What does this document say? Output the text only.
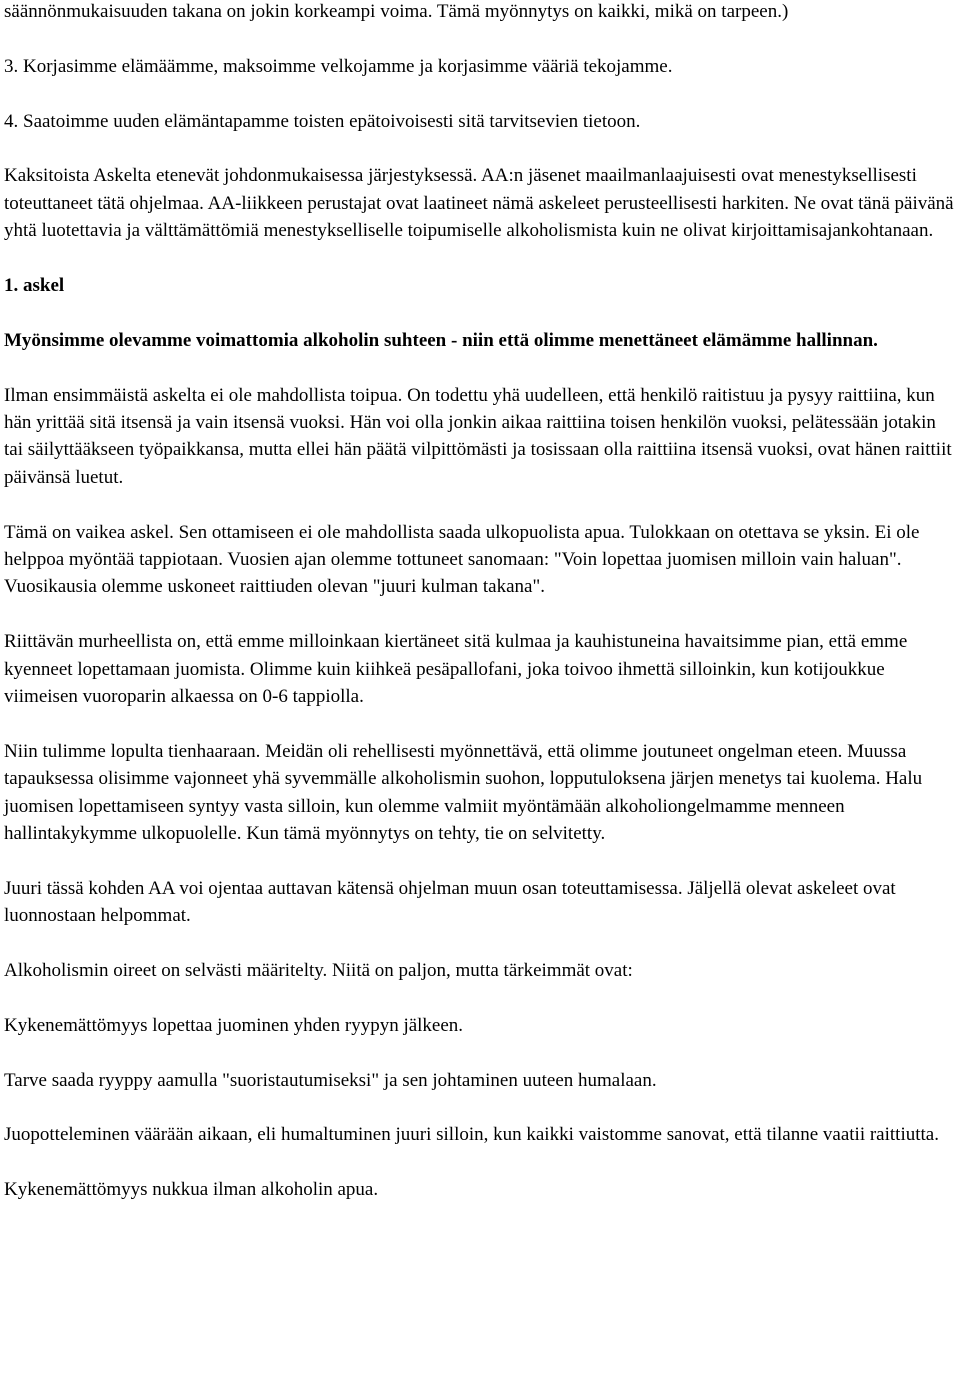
säännönmukaisuuden takana on jokin korkeampi voima. Tämä myönnytys on kaikki, mikä on tarpeen.)

3. Korjasimme elämäämme, maksoimme velkojamme ja korjasimme vääriä tekojamme.
4. Saatoimme uuden elämäntapamme toisten epätoivoisesti sitä tarvitsevien tietoon.

Kaksitoista Askelta etenevät johdonmukaisessa järjestyksessä. AA:n jäsenet maailmanlaajuisesti ovat menestyksellisesti toteuttaneet tätä ohjelmaa. AA-liikkeen perustajat ovat laatineet nämä askeleet perusteellisesti harkiten. Ne ovat tänä päivänä yhtä luotettavia ja välttämättömiä menestykselliselle toipumiselle alkoholismista kuin ne olivat kirjoittamisajankohtanaan.

1. askel
Myönsimme olevamme voimattomia alkoholin suhteen - niin että olimme menettäneet elämämme hallinnan.

Ilman ensimmäistä askelta ei ole mahdollista toipua. On todettu yhä uudelleen, että henkilö raitistuu ja pysyy raittiina, kun hän yrittää sitä itsensä ja vain itsensä vuoksi. Hän voi olla jonkin aikaa raittiina toisen henkilön vuoksi, pelätessään jotakin tai säilyttääkseen työpaikkansa, mutta ellei hän päätä vilpittömästi ja tosissaan olla raittiina itsensä vuoksi, ovat hänen raittiit päivänsä luetut.

Tämä on vaikea askel. Sen ottamiseen ei ole mahdollista saada ulkopuolista apua. Tulokkaan on otettava se yksin. Ei ole helppoa myöntää tappiotaan. Vuosien ajan olemme tottuneet sanomaan: "Voin lopettaa juomisen milloin vain haluan". Vuosikausia olemme uskoneet raittiuden olevan "juuri kulman takana".

Riittävän murheellista on, että emme milloinkaan kiertäneet sitä kulmaa ja kauhistuneina havaitsimme pian, että emme kyenneet lopettamaan juomista. Olimme kuin kiihkeä pesäpallofani, joka toivoo ihmettä silloinkin, kun kotijoukkue viimeisen vuoroparin alkaessa on 0-6 tappiolla.

Niin tulimme lopulta tienhaaraan. Meidän oli rehellisesti myönnettävä, että olimme joutuneet ongelman eteen. Muussa tapauksessa olisimme vajonneet yhä syvemmälle alkoholismin suohon, lopputuloksena järjen menetys tai kuolema. Halu juomisen lopettamiseen syntyy vasta silloin, kun olemme valmiit myöntämään alkoholiongelmamme menneen hallintakykymme ulkopuolelle. Kun tämä myönnytys on tehty, tie on selvitetty.

Juuri tässä kohden AA voi ojentaa auttavan kätensä ohjelman muun osan toteuttamisessa. Jäljellä olevat askeleet ovat luonnostaan helpommat.

Alkoholismin oireet on selvästi määritelty. Niitä on paljon, mutta tärkeimmät ovat:

Kykenemättömyys lopettaa juominen yhden ryypyn jälkeen.

Tarve saada ryyppy aamulla "suoristautumiseksi" ja sen johtaminen uuteen humalaan.

Juopotteleminen väärään aikaan, eli humaltuminen juuri silloin, kun kaikki vaistomme sanovat, että tilanne vaatii raittiutta.

Kykenemättömyys nukkua ilman alkoholin apua.
